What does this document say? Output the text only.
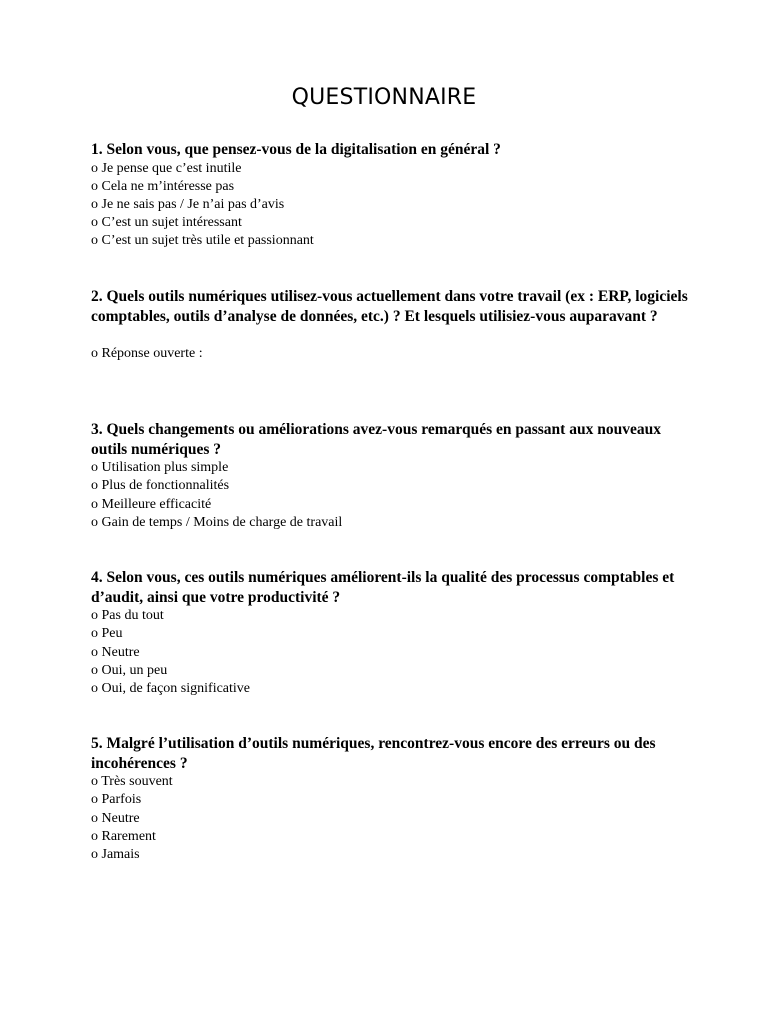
QUESTIONNAIRE

1. Selon vous, que pensez-vous de la digitalisation en général ?

o Je pense que c’est inutile
o Cela ne m’intéresse pas
o Je ne sais pas / Je n’ai pas d’avis
o C’est un sujet intéressant
o C’est un sujet très utile et passionnant

2. Quels outils numériques utilisez-vous actuellement dans votre travail (ex : ERP, logiciels comptables, outils d’analyse de données, etc.) ? Et lesquels utilisiez-vous auparavant ?

o Réponse ouverte :

3. Quels changements ou améliorations avez-vous remarqués en passant aux nouveaux outils numériques ?

o Utilisation plus simple
o Plus de fonctionnalités
o Meilleure efficacité
o Gain de temps / Moins de charge de travail

4. Selon vous, ces outils numériques améliorent-ils la qualité des processus comptables et d’audit, ainsi que votre productivité ?

o Pas du tout
o Peu
o Neutre
o Oui, un peu
o Oui, de façon significative

5. Malgré l’utilisation d’outils numériques, rencontrez-vous encore des erreurs ou des incohérences ?

o Très souvent
o Parfois
o Neutre
o Rarement
o Jamais
